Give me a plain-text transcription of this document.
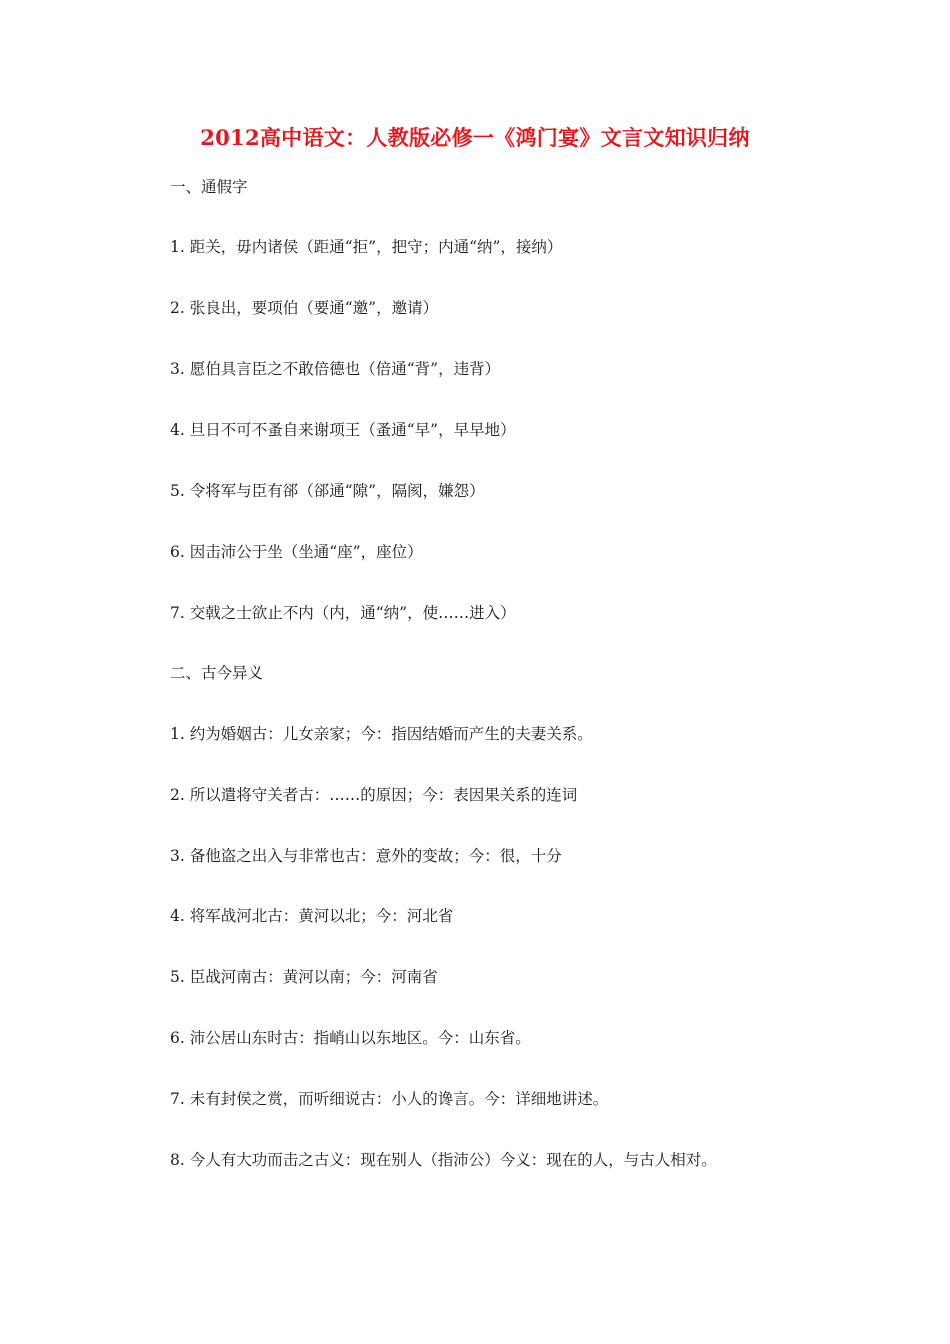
2012高中语文：人教版必修一《鸿门宴》文言文知识归纳
一、通假字
1. 距关，毋内诸侯（距通“拒”，把守；内通“纳”，接纳）
2. 张良出，要项伯（要通“邀”，邀请）
3. 愿伯具言臣之不敢倍德也（倍通“背”，违背）
4. 旦日不可不蚤自来谢项王（蚤通“早”，早早地）
5. 令将军与臣有郤（郤通“隙”，隔阂，嫌怨）
6. 因击沛公于坐（坐通“座”，座位）
7. 交戟之士欲止不内（内，通“纳”，使……进入）
二、古今异义
1. 约为婚姻古：儿女亲家；今：指因结婚而产生的夫妻关系。
2. 所以遣将守关者古：……的原因；今：表因果关系的连词
3. 备他盗之出入与非常也古：意外的变故；今：很，十分
4. 将军战河北古：黄河以北；今：河北省
5. 臣战河南古：黄河以南；今：河南省
6. 沛公居山东时古：指峭山以东地区。今：山东省。
7. 未有封侯之赏，而听细说古：小人的谗言。今：详细地讲述。
8. 今人有大功而击之古义：现在别人（指沛公）今义：现在的人，与古人相对。
